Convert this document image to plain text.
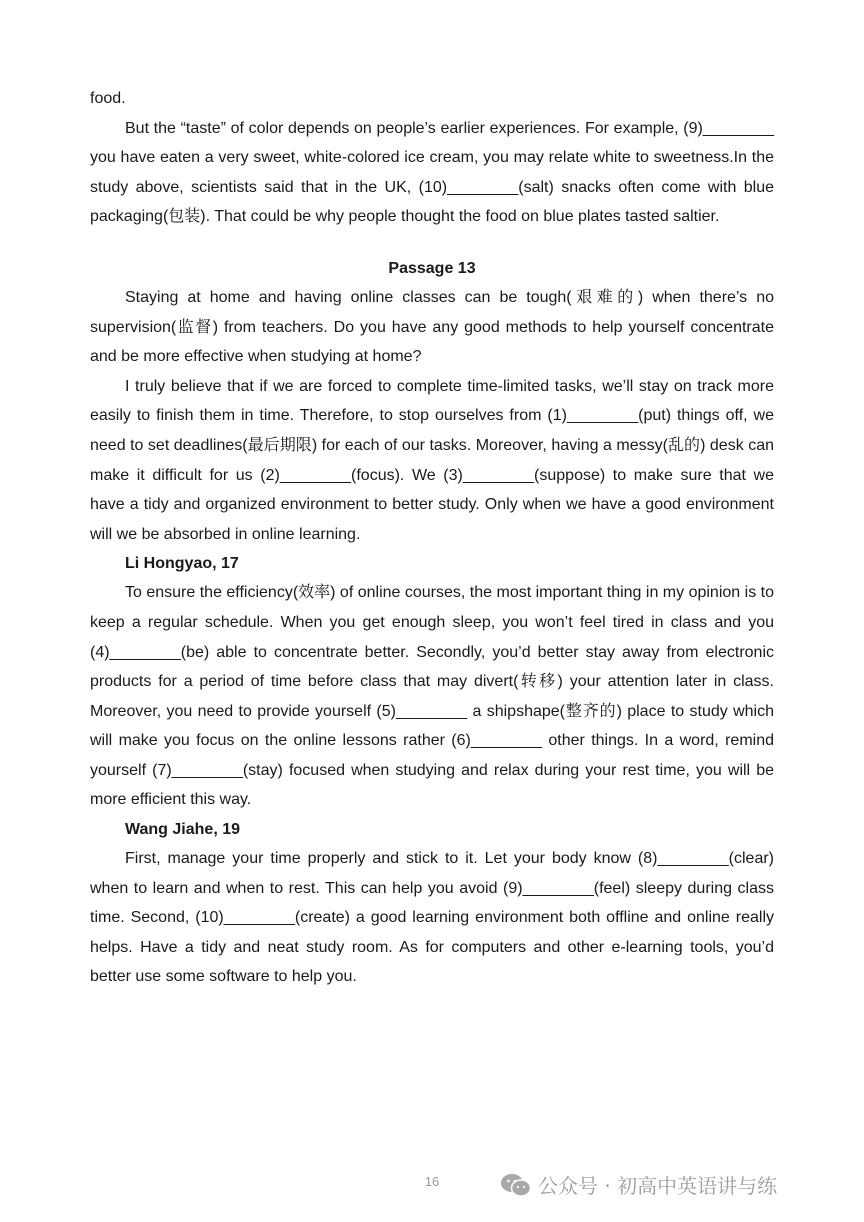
food.

But the “taste” of color depends on people’s earlier experiences. For example, (9)________ you have eaten a very sweet, white-colored ice cream, you may relate white to sweetness.In the study above, scientists said that in the UK, (10)________(salt) snacks often come with blue packaging(包装). That could be why people thought the food on blue plates tasted saltier.

Passage 13

Staying at home and having online classes can be tough(艰难的) when there’s no supervision(监督) from teachers. Do you have any good methods to help yourself concentrate and be more effective when studying at home?

I truly believe that if we are forced to complete time-limited tasks, we’ll stay on track more easily to finish them in time. Therefore, to stop ourselves from (1)________(put) things off, we need to set deadlines(最后期限) for each of our tasks. Moreover, having a messy(乱的) desk can make it difficult for us (2)________(focus). We (3)________(suppose) to make sure that we have a tidy and organized environment to better study. Only when we have a good environment will we be absorbed in online learning.

Li Hongyao, 17

To ensure the efficiency(效率) of online courses, the most important thing in my opinion is to keep a regular schedule. When you get enough sleep, you won’t feel tired in class and you (4)________(be) able to concentrate better. Secondly, you’d better stay away from electronic products for a period of time before class that may divert(转移) your attention later in class. Moreover, you need to provide yourself (5)________ a shipshape(整齐的) place to study which will make you focus on the online lessons rather (6)________ other things. In a word, remind yourself (7)________(stay) focused when studying and relax during your rest time, you will be more efficient this way.

Wang Jiahe, 19

First, manage your time properly and stick to it. Let your body know (8)________(clear) when to learn and when to rest. This can help you avoid (9)________(feel) sleepy during class time. Second, (10)________(create) a good learning environment both offline and online really helps. Have a tidy and neat study room. As for computers and other e-learning tools, you’d better use some software to help you.

16	公众号 · 初高中英语讲与练
